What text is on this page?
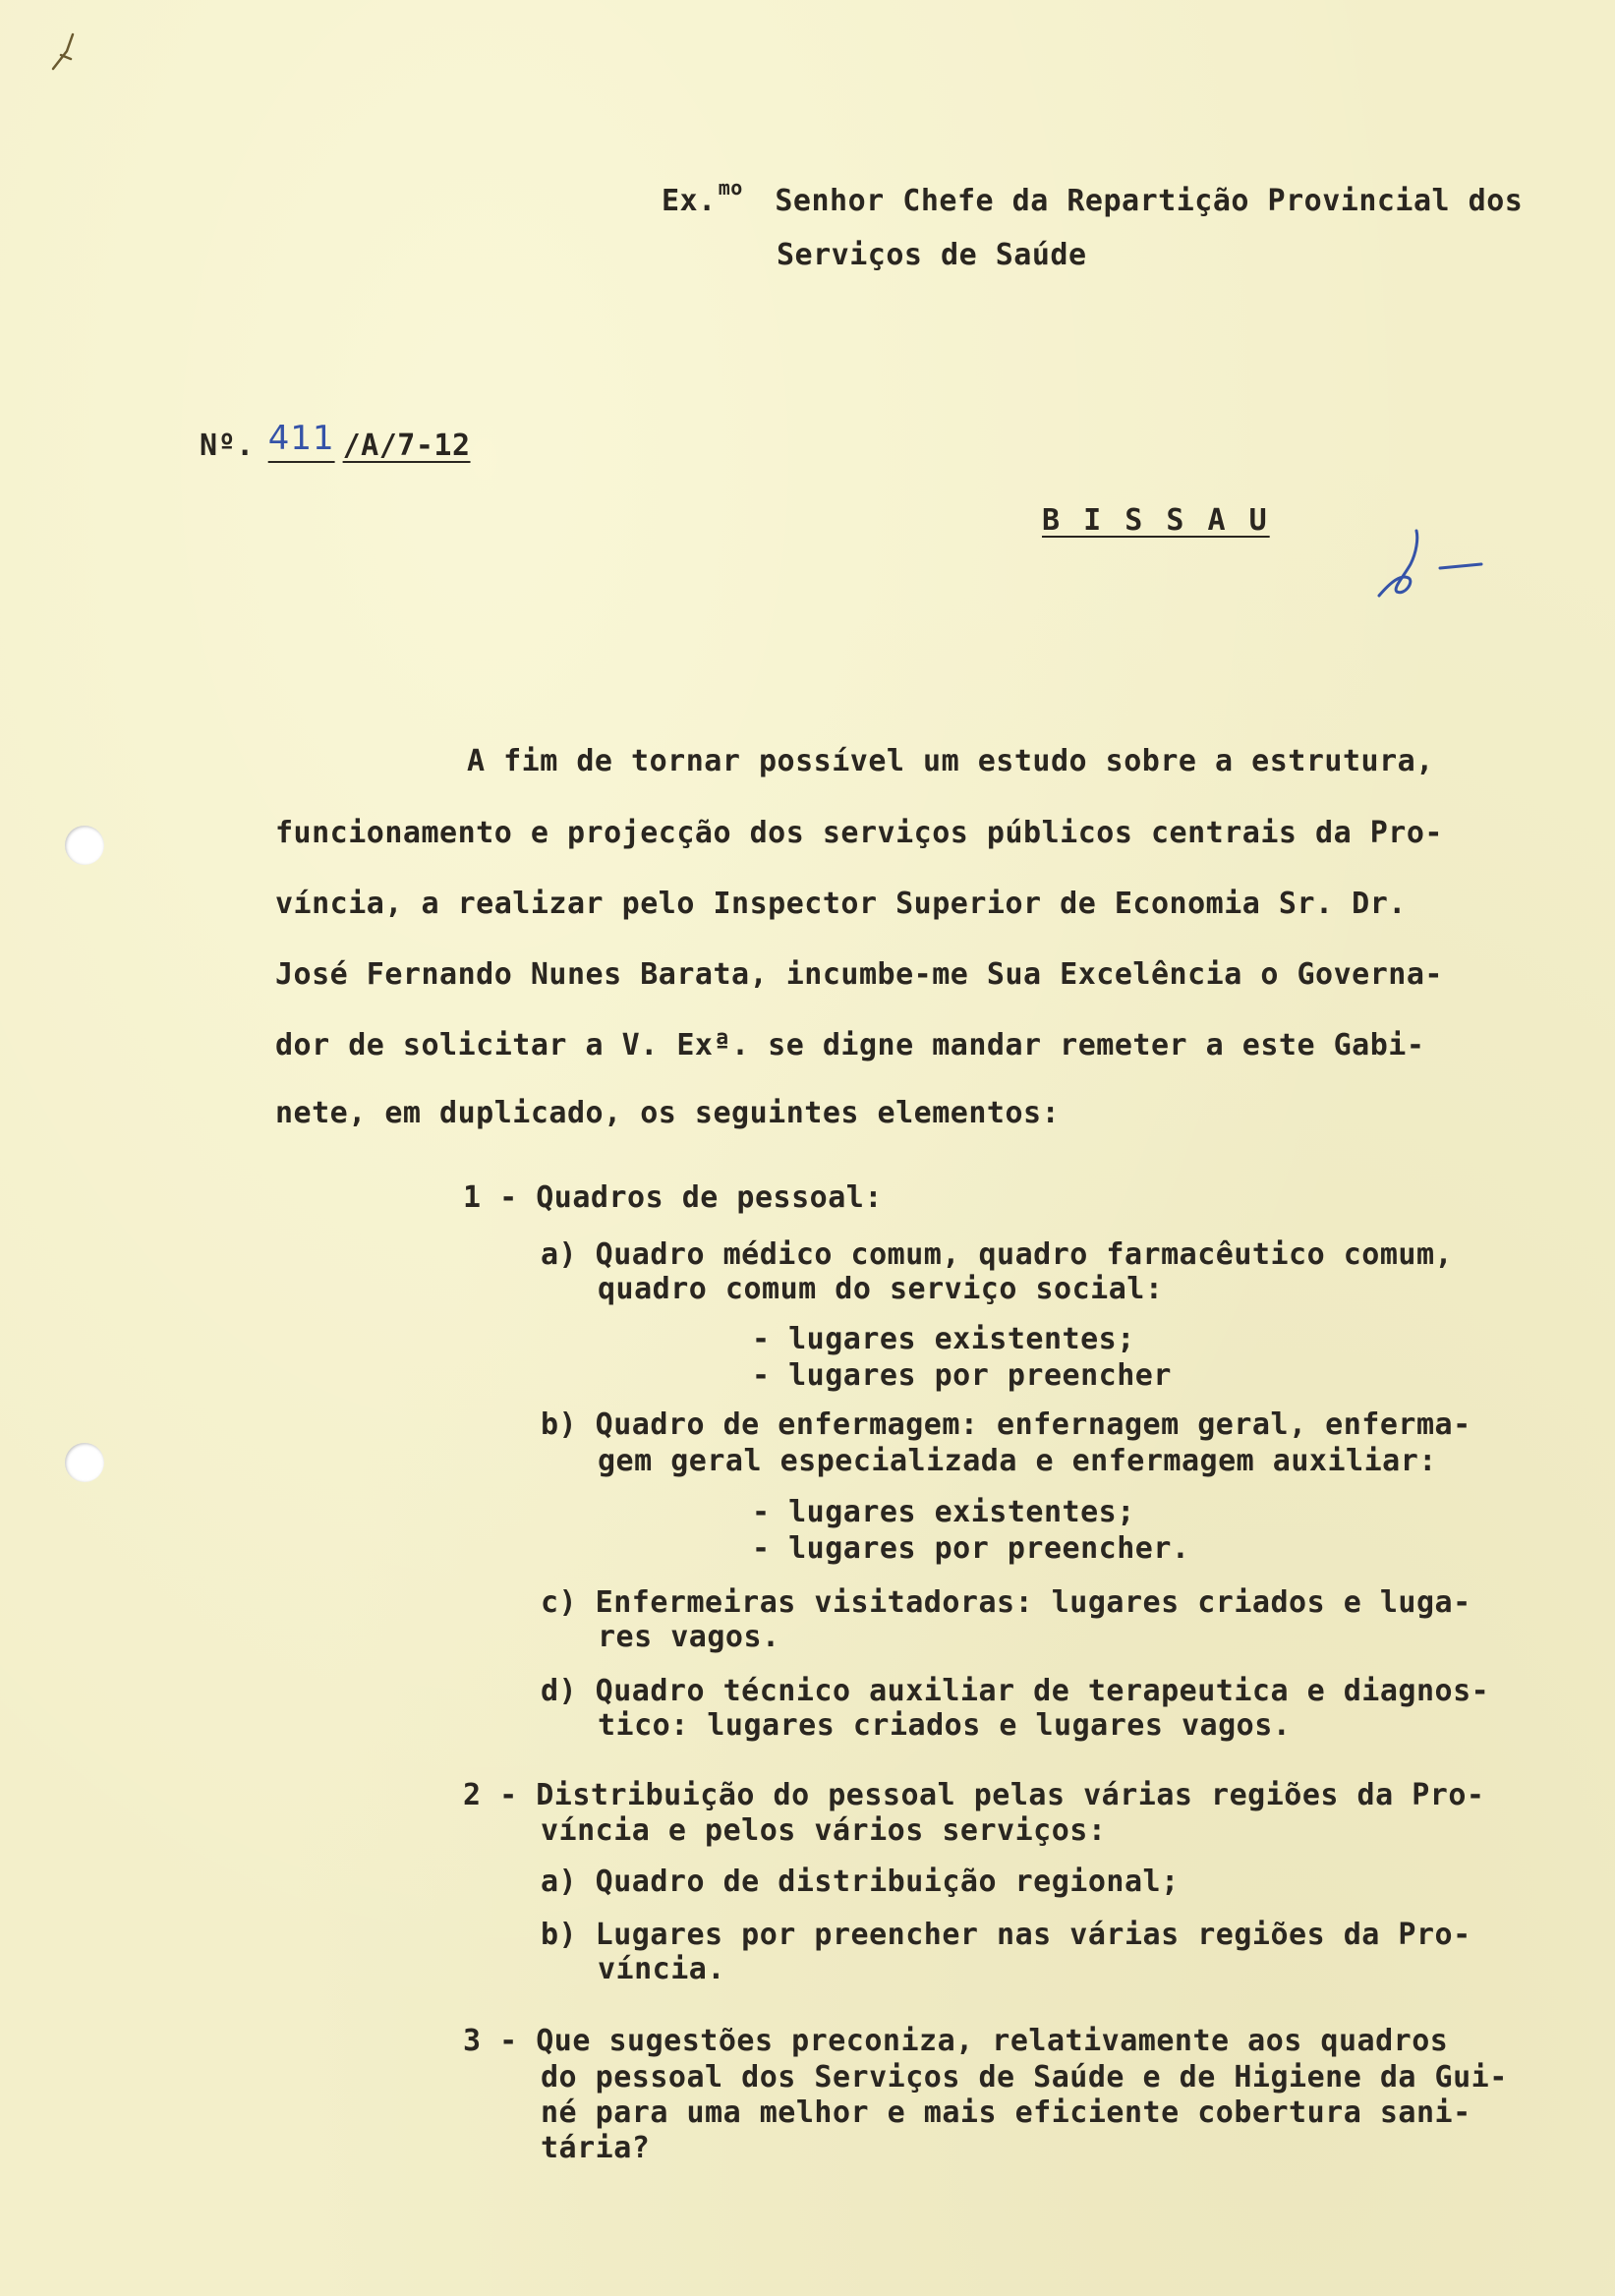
Ex. $^{mo}$ Senhor Chefe da Repartição Provincial dos
Serviços de Saúde
Nº. 411 /A/7-12
B I S S A U
A fim de tornar possível um estudo sobre a estrutura,
funcionamento e projecção dos serviços públicos centrais da Pro-
víncia, a realizar pelo Inspector Superior de Economia Sr. Dr.
José Fernando Nunes Barata, incumbe-me Sua Excelência o Governa-
dor de solicitar a V. Exª. se digne mandar remeter a este Gabi-
nete, em duplicado, os seguintes elementos:
1 - Quadros de pessoal:
a) Quadro médico comum, quadro farmacêutico comum,
quadro comum do serviço social:
- lugares existentes;
- lugares por preencher
b) Quadro de enfermagem: enfernagem geral, enferma-
gem geral especializada e enfermagem auxiliar:
- lugares existentes;
- lugares por preencher.
c) Enfermeiras visitadoras: lugares criados e luga-
res vagos.
d) Quadro técnico auxiliar de terapeutica e diagnos-
tico: lugares criados e lugares vagos.
2 - Distribuição do pessoal pelas várias regiões da Pro-
víncia e pelos vários serviços:
a) Quadro de distribuição regional;
b) Lugares por preencher nas várias regiões da Pro-
víncia.
3 - Que sugestões preconiza, relativamente aos quadros
do pessoal dos Serviços de Saúde e de Higiene da Gui-
né para uma melhor e mais eficiente cobertura sani-
tária?
